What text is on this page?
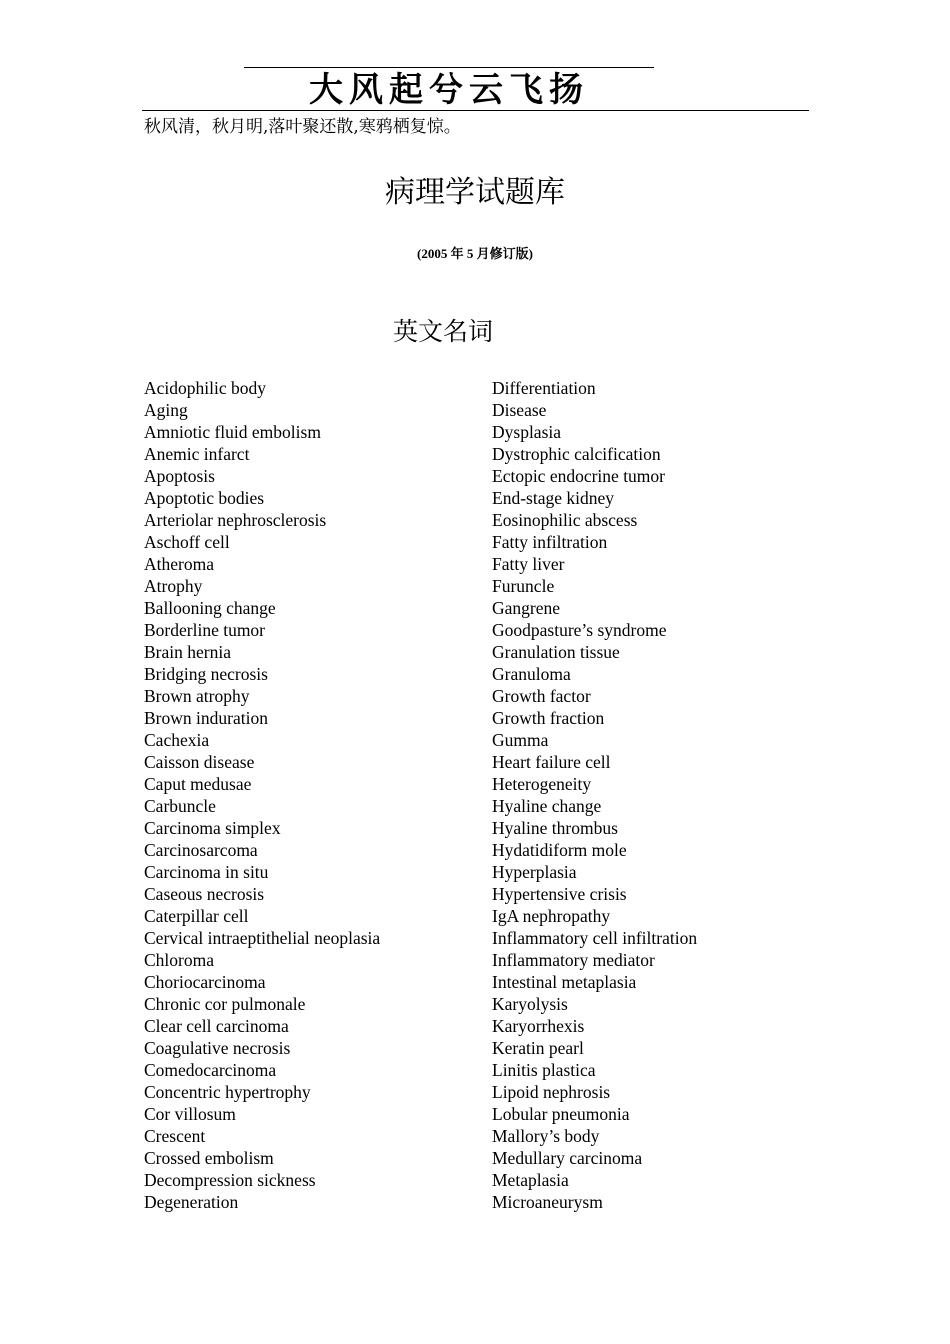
大风起兮云飞扬
秋风清，秋月明,落叶聚还散,寒鸦栖复惊。
病理学试题库
(2005 年 5 月修订版)
英文名词
Acidophilic body
Aging
Amniotic fluid embolism
Anemic infarct
Apoptosis
Apoptotic bodies
Arteriolar nephrosclerosis
Aschoff cell
Atheroma
Atrophy
Ballooning change
Borderline tumor
Brain hernia
Bridging necrosis
Brown atrophy
Brown induration
Cachexia
Caisson disease
Caput medusae
Carbuncle
Carcinoma simplex
Carcinosarcoma
Carcinoma in situ
Caseous necrosis
Caterpillar cell
Cervical intraeptithelial neoplasia
Chloroma
Choriocarcinoma
Chronic cor pulmonale
Clear cell carcinoma
Coagulative necrosis
Comedocarcinoma
Concentric hypertrophy
Cor villosum
Crescent
Crossed embolism
Decompression sickness
Degeneration
Differentiation
Disease
Dysplasia
Dystrophic calcification
Ectopic endocrine tumor
End-stage kidney
Eosinophilic abscess
Fatty infiltration
Fatty liver
Furuncle
Gangrene
Goodpasture’s syndrome
Granulation tissue
Granuloma
Growth factor
Growth fraction
Gumma
Heart failure cell
Heterogeneity
Hyaline change
Hyaline thrombus
Hydatidiform mole
Hyperplasia
Hypertensive crisis
IgA nephropathy
Inflammatory cell infiltration
Inflammatory mediator
Intestinal metaplasia
Karyolysis
Karyorrhexis
Keratin pearl
Linitis plastica
Lipoid nephrosis
Lobular pneumonia
Mallory’s body
Medullary carcinoma
Metaplasia
Microaneurysm
